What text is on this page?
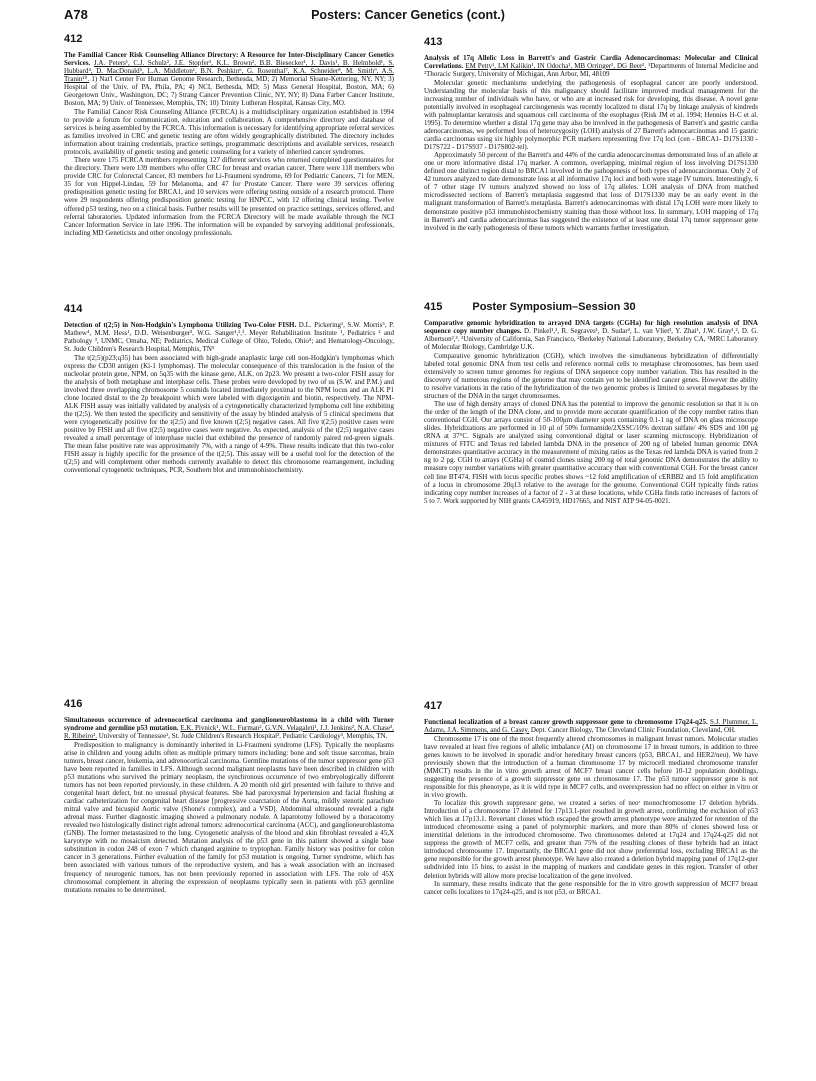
A78	Posters: Cancer Genetics (cont.)
412

The Familial Cancer Risk Counseling Alliance Directory: A Resource for Inter-Disciplinary Cancer Genetics Services. J.A. Peters¹, C.J. Schulz², J.E. Stopfer³, K.L. Brown², B.B. Biesecker¹, J. Davis¹, B. Helmbold¹, S. Hubbard⁴, D. MacDonald⁵, L.A. Middleton¹, B.N. Peshkin⁶, G. Rosenthal⁷, K.A. Schneider⁸, M. Smith⁹, A.S. Tranin¹⁰. 1) Nat'l Center For Human Genome Research, Bethesda, MD; 2) Memorial Sloane-Kettering, NY, NY; 3) Hospital of the Univ. of PA, Phila, PA; 4) NCI, Bethesda, MD; 5) Mass General Hospital, Boston, MA; 6) Georgetown Univ., Washington, DC; 7) Strang Cancer Prevention Clinic, NY, NY; 8) Dana Farber Cancer Institute, Boston, MA; 9) Univ. of Tennessee, Memphis, TN; 10) Trinity Lutheran Hospital, Kansas City, MO.

The Familial Cancer Risk Counseling Alliance (FCRCA) is a multidisciplinary organization established in 1994 to provide a forum for communication, education and collaboration. A comprehensive directory and database of services is being assembled by the FCRCA. This information is necessary for identifying appropriate referral services as families involved in CRC and genetic testing are often widely geographically distributed. The directory includes information about training credentials, practice settings, programmatic descriptions and available services, research protocols, availability of genetic testing and genetic counseling for a variety of inherited cancer syndromes.

There were 175 FCRCA members representing 127 different services who returned completed questionnaires for the directory. There were 139 members who offer CRC for breast and ovarian cancer. There were 118 members who provide CRC for Colorectal Cancer, 83 members for Li-Fraumeni syndrome, 69 for Pediatric Cancers, 71 for MEN, 35 for von Hippel-Lindau, 59 for Melanoma, and 47 for Prostate Cancer. There were 39 services offering predisposition genetic testing for BRCA1, and 10 services were offering testing outside of a research protocol. There were 29 respondents offering predisposition genetic testing for HNPCC, with 12 offering clinical testing. Twelve offered p53 testing, two on a clinical basis. Further results will be presented on practice settings, services offered, and referral laboratories. Updated information from the FCRCA Directory will be made available through the NCI Cancer Information Service in late 1996. The information will be expanded by surveying additional professionals, including MD Geneticists and other oncology professionals.

413

Analysis of 17q Allelic Loss in Barrett's and Gastric Cardia Adenocarcinomas: Molecular and Clinical Correlations. EM Petty¹, LM Kalikin¹, IN Odocha¹, MB Orringer², DG Beer². ¹Departments of Internal Medicine and ²Thoracic Surgery, University of Michigan, Ann Arbor, MI, 48109

Molecular genetic mechanisms underlying the pathogenesis of esophageal cancer are poorly understood. Understanding the molecular basis of this malignancy should facilitate improved medical management for the increasing number of individuals who have, or who are at increased risk for developing, this disease. A novel gene potentially involved in esophageal carcinogenesis was recently localized to distal 17q by linkage analysis of kindreds with palmoplantar keratosis and squamous cell carcinoma of the esophagus (Risk JM et al. 1994; Hennies H-C et al. 1995). To determine whether a distal 17q gene may also be involved in the pathogenesis of Barrett's and gastric cardia adenocarcinomas, we performed loss of heterozygosity (LOH) analysis of 27 Barrett's adenocarcinomas and 15 gastric cardia carcinomas using six highly polymorphic PCR markers representing five 17q loci (cen - BRCA1- D17S1330 - D17S722 - D17S937 - D17S802-tel).

Approximately 50 percent of the Barrett's and 44% of the cardia adenocarcinomas demonstrated loss of an allele at one or more informative distal 17q marker. A common, overlapping, minimal region of loss involving D17S1330 defined one distinct region distal to BRCA1 involved in the pathogenesis of both types of adenocarcinomas. Only 2 of 42 tumors analyzed to date demonstrate loss at all informative 17q loci and both were stage IV tumors. Interestingly, 6 of 7 other stage IV tumors analyzed showed no loss of 17q alleles. LOH analysis of DNA from matched microdissected sections of Barrett's metaplasia suggested that loss of D17S1330 may be an early event in the malignant transformation of Barrett's metaplasia. Barrett's adenocarcinomas with distal 17q LOH were more likely to demonstrate positive p53 immunohistochemistry staining than those without loss. In summary, LOH mapping of 17q in Barrett's and cardia adenocarcinomas has suggested the existence of at least one distal 17q tumor suppressor gene involved in the early pathogenesis of these tumors which warrants further investigation.

414

Detection of t(2;5) in Non-Hodgkin's Lymphoma Utilizing Two-Color FISH. D.L. Pickering¹, S.W. Morris⁵, P. Mathew⁴, M.M. Hess¹, D.D. Weisenburger³, W.G. Sanger¹,²,³. Meyer Rehabilitation Institute ¹, Pediatrics ² and Pathology ³, UNMC, Omaha, NE; Pediatrics, Medical College of Ohio, Toledo, Ohio⁴; and Hematology-Oncology, St. Jude Children's Research Hospital, Memphis, TN⁵

The t(2;5)(p23;q35) has been associated with high-grade anaplastic large cell non-Hodgkin's lymphomas which express the CD30 antigen (Ki-1 lymphomas). The molecular consequence of this translocation is the fusion of the nucleolar protein gene, NPM, on 5q35 with the kinase gene, ALK, on 2p23. We present a two-color FISH assay for the analysis of both metaphase and interphase cells. These probes were developed by two of us (S.W. and P.M.) and involved three overlapping chromosome 5 cosmids located immediately proximal to the NPM locus and an ALK P1 clone located distal to the 2p breakpoint which were labeled with digoxigenin and biotin, respectively. The NPM-ALK FISH assay was initially validated by analysis of a cytogenetically characterized lymphoma cell line exhibiting the t(2;5). We then tested the specificity and sensitivity of the assay by blinded analysis of 5 clinical specimens that were cytogenetically positive for the t(2;5) and five known t(2;5) negative cases. All five t(2;5) positive cases were positive by FISH and all five t(2;5) negative cases were negative. As expected, analysis of the t(2;5) negative cases revealed a small percentage of interphase nuclei that exhibited the presence of randomly paired red-green signals. The mean false positive rate was approximately 7%, with a range of 4-9%. These results indicate that this two-color FISH assay is highly specific for the presence of the t(2;5). This assay will be a useful tool for the detection of the t(2;5) and will complement other methods currently available to detect this chromosome rearrangement, including conventional cytogenetic techniques, PCR, Southern blot and immunohistochemistry.

415	Poster Symposium–Session 30

Comparative genomic hybridization to arrayed DNA targets (CGHa) for high resolution analysis of DNA sequence copy number changes. D. Pinkel¹,², R. Segraves¹, D. Sudar², L. van Vliet³, Y. Zhai¹, J.W. Gray¹,², D. G. Albertson²,³. ¹University of California, San Francisco, ²Berkeley National Laboratory, Berkeley CA, ³MRC Laboratory of Molecular Biology, Cambridge U.K.

Comparative genomic hybridization (CGH), which involves the simultaneous hybridization of differentially labeled total genomic DNA from test cells and reference normal cells to metaphase chromosomes, has been used extensively to screen tumor genomes for regions of DNA sequence copy number variation. This has resulted in the discovery of numerous regions of the genome that may contain yet to be identified cancer genes. However the ability to resolve variations in the ratio of the hybridization of the two genomic probes is limited to several megabases by the structure of the DNA in the target chromosomes.

The use of high density arrays of cloned DNA has the potential to improve the genomic resolution so that it is on the order of the length of the DNA clone, and to provide more accurate quantification of the copy number ratios than conventional CGH. Our arrays consist of 50-100μm diameter spots containing 0.1-1 ng of DNA on glass microscope slides. Hybridizations are performed in 10 μl of 50% formamide/2XSSC/10% dextran sulfate/ 4% SDS and 100 μg tRNA at 37°C. Signals are analyzed using conventional digital or laser scanning microscopy. Hybridization of mixtures of FITC and Texas red labeled lambda DNA in the presence of 200 ng of labeled human genomic DNA demonstrates quantitative accuracy in the measurement of mixing ratios as the Texas red lambda DNA is varied from 2 ng to 2 pg. CGH to arrays (CGHa) of cosmid clones using 200 ng of total genomic DNA demonstrates the ability to measure copy number variations with greater quantitative accuracy than with conventional CGH. For the breast cancer cell line BT474, FISH with locus specific probes shows ~12 fold amplification of cERBB2 and 15 fold amplification of a locus in chromosome 20q13 relative to the average for the genome. Conventional CGH typically finds ratios indicating copy number increases of a factor of 2 - 3 at these locations, while CGHa finds ratio increases of factors of 5 to 7. Work supported by NIH grants CA45919, HD17665, and NIST ATP 94-05-0021.

416

Simultaneous occurrence of adrenocortical carcinoma and ganglioneuroblastoma in a child with Turner syndrome and germline p53 mutation. E.K. Pivnick¹, W.L. Furman², G.V.N. Velagaleti¹, J.J. Jenkins², N.A. Chase³, R. Ribeiro². University of Tennessee¹, St. Jude Children's Research Hospital², Pediatric Cardiology³, Memphis, TN.

Predisposition to malignancy is dominantly inherited in Li-Fraumeni syndrome (LFS). Typically the neoplasms arise in children and young adults often as multiple primary tumors including: bone and soft tissue sarcomas, brain tumors, breast cancer, leukemia, and adrenocortical carcinoma. Germline mutations of the tumor suppressor gene p53 have been reported in families in LFS. Although second malignant neoplasms have been described in children with p53 mutations who survived the primary neoplasm, the synchronous occurrence of two embryologically different tumors has not been reported previously, in these children. A 20 month old girl presented with failure to thrive and congenital heart defect, but no unusual physical features. She had paroxysmal hypertension and facial flushing at cardiac catheterization for congenital heart disease [progressive coarctation of the Aorta, mildly stenotic parachute mitral valve and bicuspid Aortic valve (Shone's complex), and a VSD]. Abdominal ultrasound revealed a right adrenal mass. Further diagnostic imaging showed a pulmonary nodule. A laparotomy followed by a thoracotomy revealed two histologically distinct right adrenal tumors: adrenocortical carcinoma (ACC), and ganglioneuroblastoma (GNB). The former metastasized to the lung. Cytogenetic analysis of the blood and skin fibroblast revealed a 45,X karyotype with no mosaicism detected. Mutation analysis of the p53 gene in this patient showed a single base substitution in codon 248 of exon 7 which changed arginine to tryptophan. Family history was positive for colon cancer in 3 generations. Further evaluation of the family for p53 mutation is ongoing. Turner syndrome, which has been associated with various tumors of the reproductive system, and has a weak association with an increased frequency of neurogenic tumors, has not been previously reported in association with LFS. The role of 45X chromosomal complement in altering the expression of neoplasms typically seen in patients with p53 germline mutations remains to be determined.

417

Functional localization of a breast cancer growth suppressor gene to chromosome 17q24-q25. S.J. Plummer, L. Adams, J.A. Simmons, and G. Casey. Dept. Cancer Biology, The Cleveland Clinic Foundation, Cleveland, OH.

Chromosome 17 is one of the most frequently altered chromosomes in malignant breast tumors. Molecular studies have revealed at least five regions of allelic imbalance (AI) on chromosome 17 in breast tumors, in addition to three genes known to be involved in sporadic and/or hereditary breast cancers (p53, BRCA1, and HER2/neu). We have previously shown that the introduction of a human chromosome 17 by microcell mediated chromosome transfer (MMCT) results in the in vitro growth arrest of MCF7 breast cancer cells before 10-12 population doublings, suggesting the presence of a growth suppressor gene on chromosome 17. The p53 tumor suppressor gene is not responsible for this phenotype, as it is wild type in MCF7 cells, and overexpression had no effect on either in vitro or in vivo growth.

To localize this growth suppressor gene, we created a series of neoʳ monochromosome 17 deletion hybrids. Introduction of a chromosome 17 deleted for 17p13.1-pter resulted in growth arrest, confirming the exclusion of p53 which lies at 17p13.1. Revertant clones which escaped the growth arrest phenotype were analyzed for retention of the introduced chromosome using a panel of polymorphic markers, and more than 80% of clones showed loss or interstitial deletions in the introduced chromosome. Two chromosomes deleted at 17q24 and 17q24-q25 did not suppress the growth of MCF7 cells, and greater than 75% of the resulting clones of these hybrids had an intact introduced chromosome 17. Importantly, the BRCA1 gene did not show preferential loss, excluding BRCA1 as the gene responsible for the growth arrest phenotype. We have also created a deletion hybrid mapping panel of 17q12-qter subdivided into 15 bins, to assist in the mapping of markers and candidate genes in this region. Transfer of other deletion hybrids will allow more precise localization of the gene involved.

In summary, these results indicate that the gene responsible for the in vitro growth suppression of MCF7 breast cancer cells localizes to 17q24-q25, and is not p53, or BRCA1.
